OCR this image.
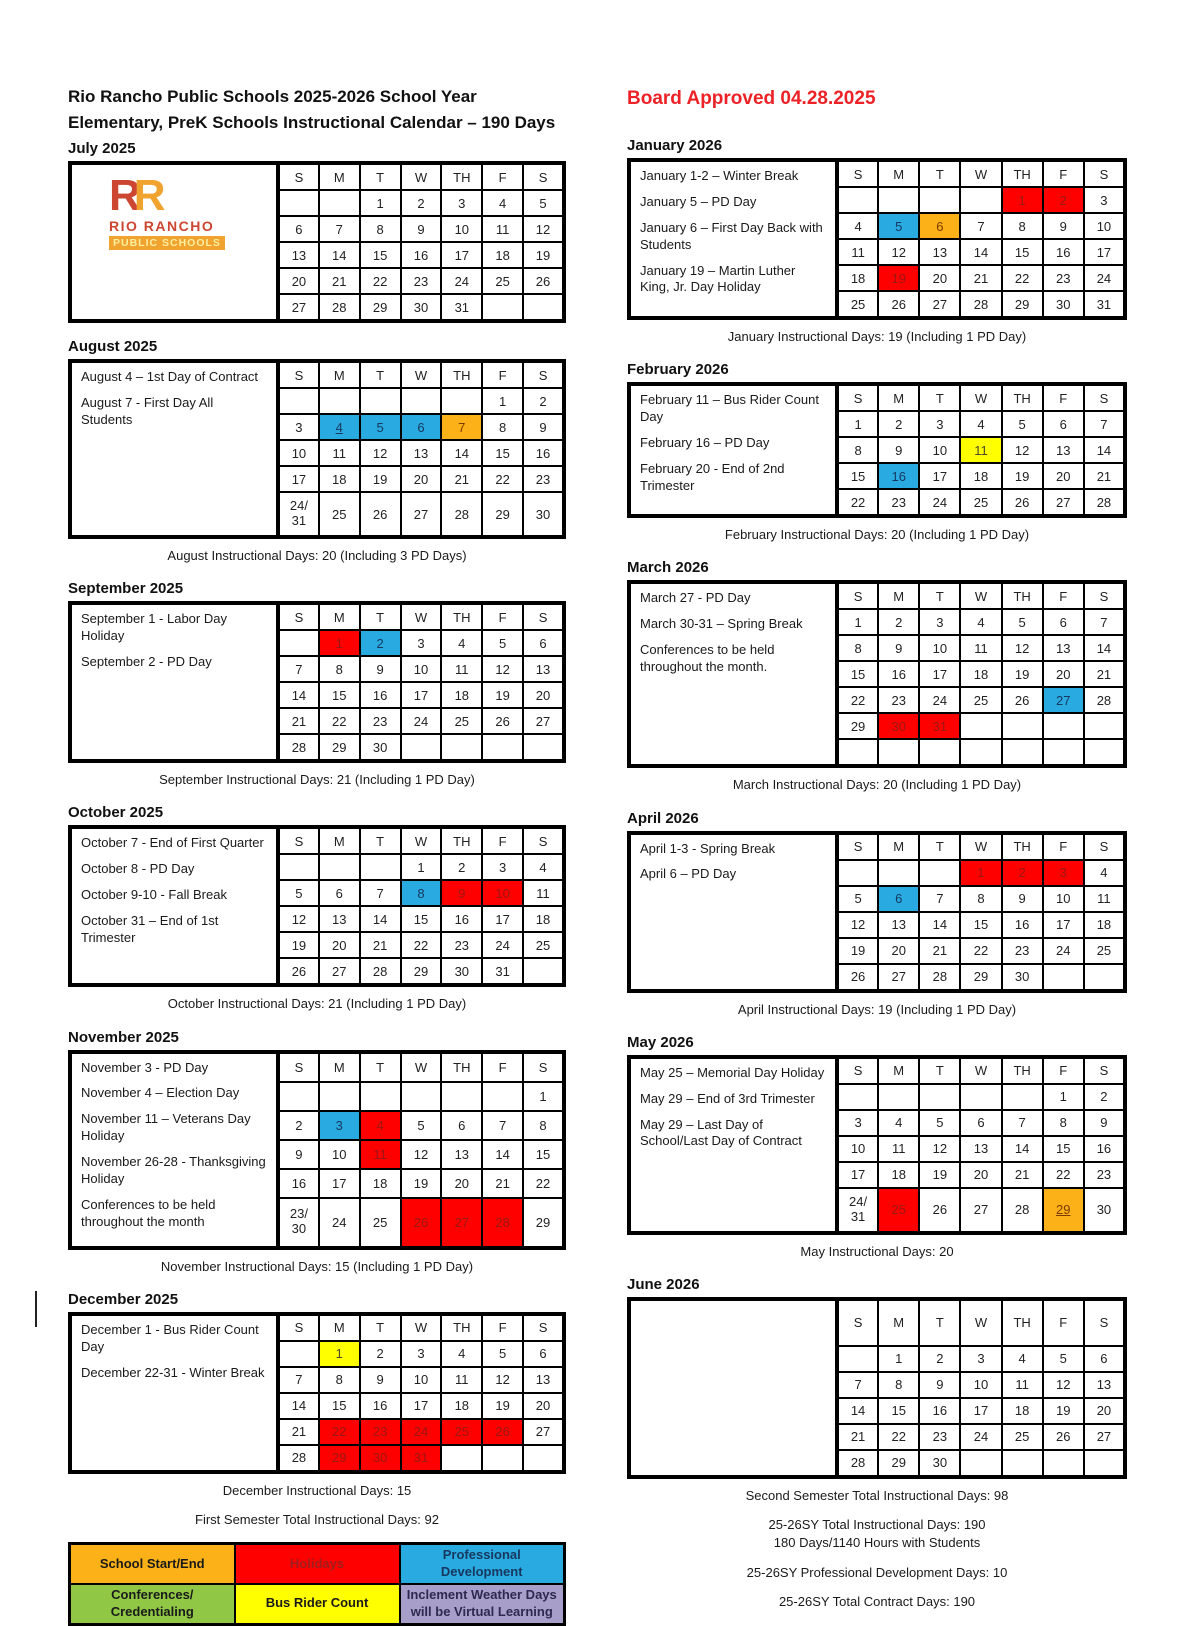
Rio Rancho Public Schools 2025-2026 School Year
Elementary, PreK Schools Instructional Calendar – 190 Days
July 2025
RR
RIO RANCHO
PUBLIC SCHOOLS	S	M	T	W	TH	F	S
			1	2	3	4	5
	6	7	8	9	10	11	12
	13	14	15	16	17	18	19
	20	21	22	23	24	25	26
	27	28	29	30	31		
August 2025

August 4 – 1st Day of Contract

August 7 - First Day All Students	S	M	T	W	TH	F	S
						1	2
	3	4	5	6	7	8	9
	10	11	12	13	14	15	16
	17	18	19	20	21	22	23
	24/
31	25	26	27	28	29	30
August Instructional Days: 20 (Including 3 PD Days)
September 2025

September 1 - Labor Day Holiday

September 2 - PD Day	S	M	T	W	TH	F	S
		1	2	3	4	5	6
	7	8	9	10	11	12	13
	14	15	16	17	18	19	20
	21	22	23	24	25	26	27
	28	29	30				
September Instructional Days: 21 (Including 1 PD Day)
October 2025

October 7 - End of First Quarter

October 8 - PD Day

October 9-10 - Fall Break

October 31 – End of 1st Trimester	S	M	T	W	TH	F	S
				1	2	3	4
	5	6	7	8	9	10	11
	12	13	14	15	16	17	18
	19	20	21	22	23	24	25
	26	27	28	29	30	31	
October Instructional Days: 21 (Including 1 PD Day)
November 2025

November 3 - PD Day

November 4 – Election Day

November 11 – Veterans Day Holiday

November 26-28 - Thanksgiving Holiday

Conferences to be held throughout the month	S	M	T	W	TH	F	S
							1
	2	3	4	5	6	7	8
	9	10	11	12	13	14	15
	16	17	18	19	20	21	22
	23/
30	24	25	26	27	28	29
November Instructional Days: 15 (Including 1 PD Day)
December 2025

December 1 - Bus Rider Count Day

December 22-31 - Winter Break	S	M	T	W	TH	F	S
		1	2	3	4	5	6
	7	8	9	10	11	12	13
	14	15	16	17	18	19	20
	21	22	23	24	25	26	27
	28	29	30	31			
December Instructional Days: 15
First Semester Total Instructional Days: 92
School Start/End	Holidays	Professional Development
Conferences/
Credentialing	Bus Rider Count	Inclement Weather Days
will be Virtual Learning
Board Approved 04.28.2025
January 2026

January 1-2 – Winter Break

January 5 – PD Day

January 6 – First Day Back with Students

January 19 – Martin Luther King, Jr. Day Holiday	S	M	T	W	TH	F	S
					1	2	3
	4	5	6	7	8	9	10
	11	12	13	14	15	16	17
	18	19	20	21	22	23	24
	25	26	27	28	29	30	31
January Instructional Days: 19 (Including 1 PD Day)
February 2026

February 11 – Bus Rider Count Day

February 16 – PD Day

February 20 - End of 2nd Trimester	S	M	T	W	TH	F	S
	1	2	3	4	5	6	7
	8	9	10	11	12	13	14
	15	16	17	18	19	20	21
	22	23	24	25	26	27	28
February Instructional Days: 20 (Including 1 PD Day)
March 2026

March 27 - PD Day

March 30-31 – Spring Break

Conferences to be held throughout the month.	S	M	T	W	TH	F	S
	1	2	3	4	5	6	7
	8	9	10	11	12	13	14
	15	16	17	18	19	20	21
	22	23	24	25	26	27	28
	29	30	31				

March Instructional Days: 20 (Including 1 PD Day)
April 2026

April 1-3 - Spring Break

April 6 – PD Day	S	M	T	W	TH	F	S
				1	2	3	4
	5	6	7	8	9	10	11
	12	13	14	15	16	17	18
	19	20	21	22	23	24	25
	26	27	28	29	30		
April Instructional Days: 19 (Including 1 PD Day)
May 2026

May 25 – Memorial Day Holiday

May 29 – End of 3rd Trimester

May 29 – Last Day of School/Last Day of Contract	S	M	T	W	TH	F	S
						1	2
	3	4	5	6	7	8	9
	10	11	12	13	14	15	16
	17	18	19	20	21	22	23
	24/
31	25	26	27	28	29	30
May Instructional Days: 20
June 2026
	S	M	T	W	TH	F	S
		1	2	3	4	5	6
	7	8	9	10	11	12	13
	14	15	16	17	18	19	20
	21	22	23	24	25	26	27
	28	29	30				
Second Semester Total Instructional Days: 98
25-26SY Total Instructional Days: 190
180 Days/1140 Hours with Students
25-26SY Professional Development Days: 10
25-26SY Total Contract Days: 190
